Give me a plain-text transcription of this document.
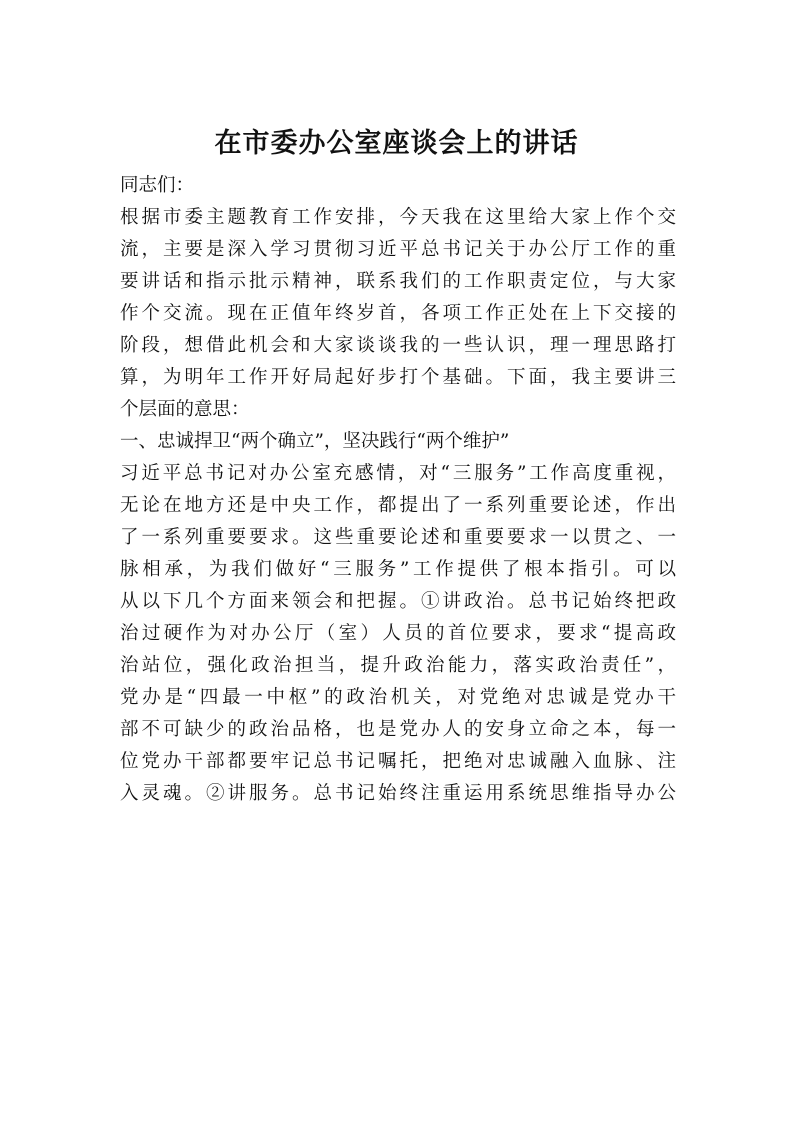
在市委办公室座谈会上的讲话
同志们：
根据市委主题教育工作安排，今天我在这里给大家上作个交
流，主要是深入学习贯彻习近平总书记关于办公厅工作的重
要讲话和指示批示精神，联系我们的工作职责定位，与大家
作个交流。现在正值年终岁首，各项工作正处在上下交接的
阶段，想借此机会和大家谈谈我的一些认识，理一理思路打
算，为明年工作开好局起好步打个基础。下面，我主要讲三
个层面的意思：
一、忠诚捍卫“两个确立”，坚决践行“两个维护”
习近平总书记对办公室充感情，对“三服务”工作高度重视，
无论在地方还是中央工作，都提出了一系列重要论述，作出
了一系列重要要求。这些重要论述和重要要求一以贯之、一
脉相承，为我们做好“三服务”工作提供了根本指引。可以
从以下几个方面来领会和把握。①讲政治。总书记始终把政
治过硬作为对办公厅（室）人员的首位要求，要求“提高政
治站位，强化政治担当，提升政治能力，落实政治责任”，
党办是“四最一中枢”的政治机关，对党绝对忠诚是党办干
部不可缺少的政治品格，也是党办人的安身立命之本，每一
位党办干部都要牢记总书记嘱托，把绝对忠诚融入血脉、注
入灵魂。②讲服务。总书记始终注重运用系统思维指导办公
